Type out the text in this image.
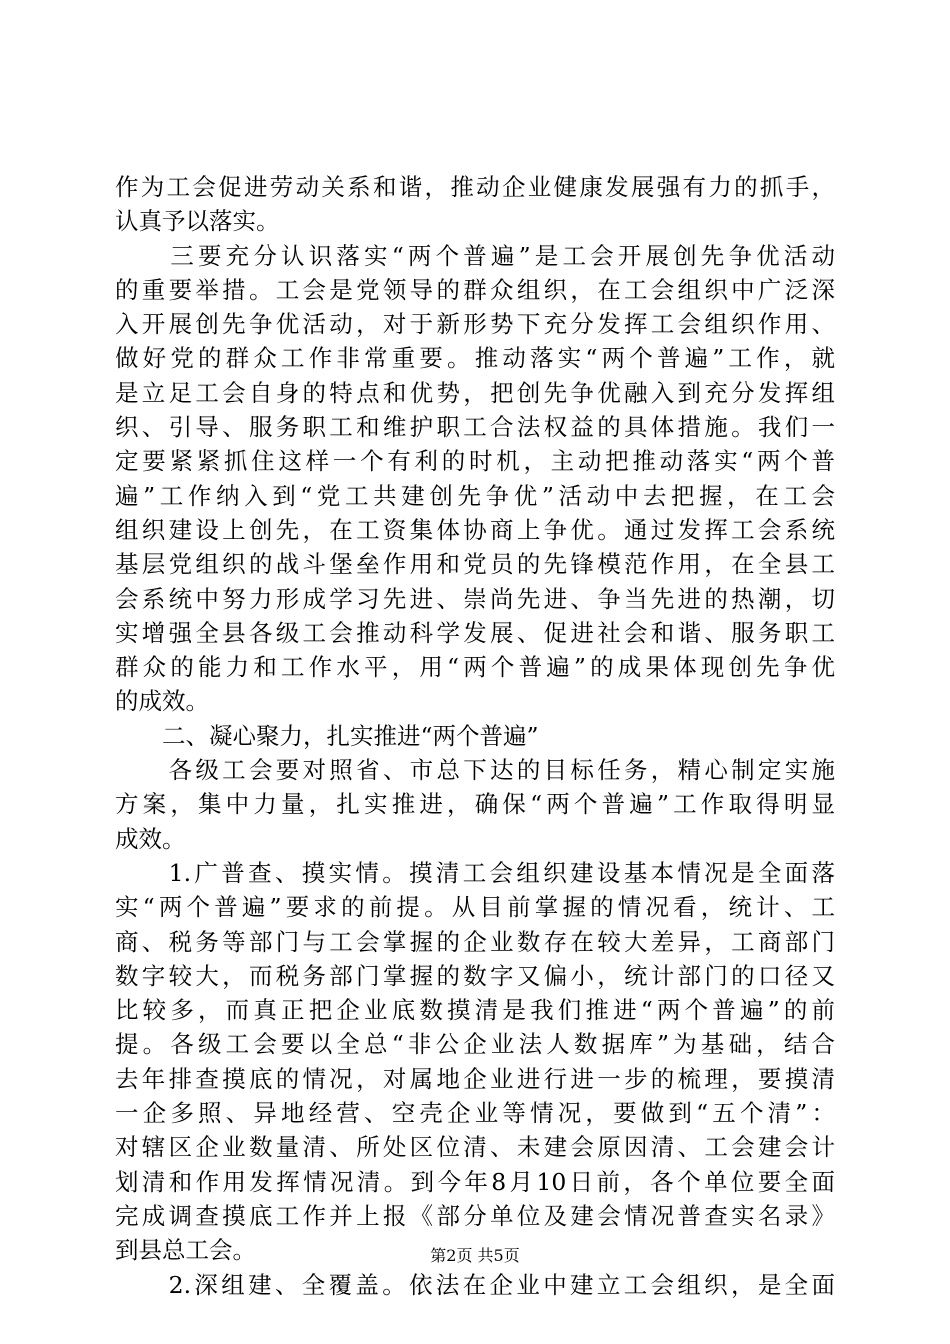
作为工会促进劳动关系和谐，推动企业健康发展强有力的抓手，
认真予以落实。
　　三要充分认识落实“两个普遍”是工会开展创先争优活动
的重要举措。工会是党领导的群众组织，在工会组织中广泛深
入开展创先争优活动，对于新形势下充分发挥工会组织作用、
做好党的群众工作非常重要。推动落实“两个普遍”工作，就
是立足工会自身的特点和优势，把创先争优融入到充分发挥组
织、引导、服务职工和维护职工合法权益的具体措施。我们一
定要紧紧抓住这样一个有利的时机，主动把推动落实“两个普
遍”工作纳入到“党工共建创先争优”活动中去把握，在工会
组织建设上创先，在工资集体协商上争优。通过发挥工会系统
基层党组织的战斗堡垒作用和党员的先锋模范作用，在全县工
会系统中努力形成学习先进、崇尚先进、争当先进的热潮，切
实增强全县各级工会推动科学发展、促进社会和谐、服务职工
群众的能力和工作水平，用“两个普遍”的成果体现创先争优
的成效。
　　二、凝心聚力，扎实推进“两个普遍”
　　各级工会要对照省、市总下达的目标任务，精心制定实施
方案，集中力量，扎实推进，确保“两个普遍”工作取得明显
成效。
　　1.广普查、摸实情。摸清工会组织建设基本情况是全面落
实“两个普遍”要求的前提。从目前掌握的情况看，统计、工
商、税务等部门与工会掌握的企业数存在较大差异，工商部门
数字较大，而税务部门掌握的数字又偏小，统计部门的口径又
比较多，而真正把企业底数摸清是我们推进“两个普遍”的前
提。各级工会要以全总“非公企业法人数据库”为基础，结合
去年排查摸底的情况，对属地企业进行进一步的梳理，要摸清
一企多照、异地经营、空壳企业等情况，要做到“五个清”：
对辖区企业数量清、所处区位清、未建会原因清、工会建会计
划清和作用发挥情况清。到今年8月10日前，各个单位要全面
完成调查摸底工作并上报《部分单位及建会情况普查实名录》
到县总工会。
　　2.深组建、全覆盖。依法在企业中建立工会组织，是全面
第2页 共5页
